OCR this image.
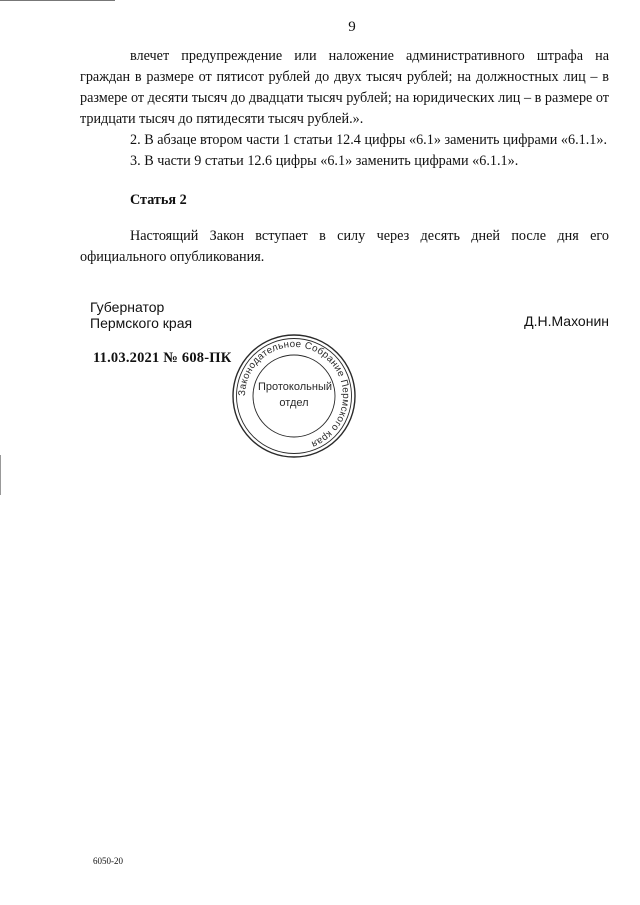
9

влечет предупреждение или наложение административного штрафа на граждан в размере от пятисот рублей до двух тысяч рублей; на должностных лиц – в размере от десяти тысяч до двадцати тысяч рублей; на юридических лиц – в размере от тридцати тысяч до пятидесяти тысяч рублей.».

2. В абзаце втором части 1 статьи 12.4 цифры «6.1» заменить цифрами «6.1.1».

3. В части 9 статьи 12.6 цифры «6.1» заменить цифрами «6.1.1».

Статья 2

Настоящий Закон вступает в силу через десять дней после дня его официального опубликования.

Губернатор
Пермского края	Д.Н.Махонин
11.03.2021 № 608-ПК
Законодательное Собрание Пермского края
Протокольный
отдел
6050-20
